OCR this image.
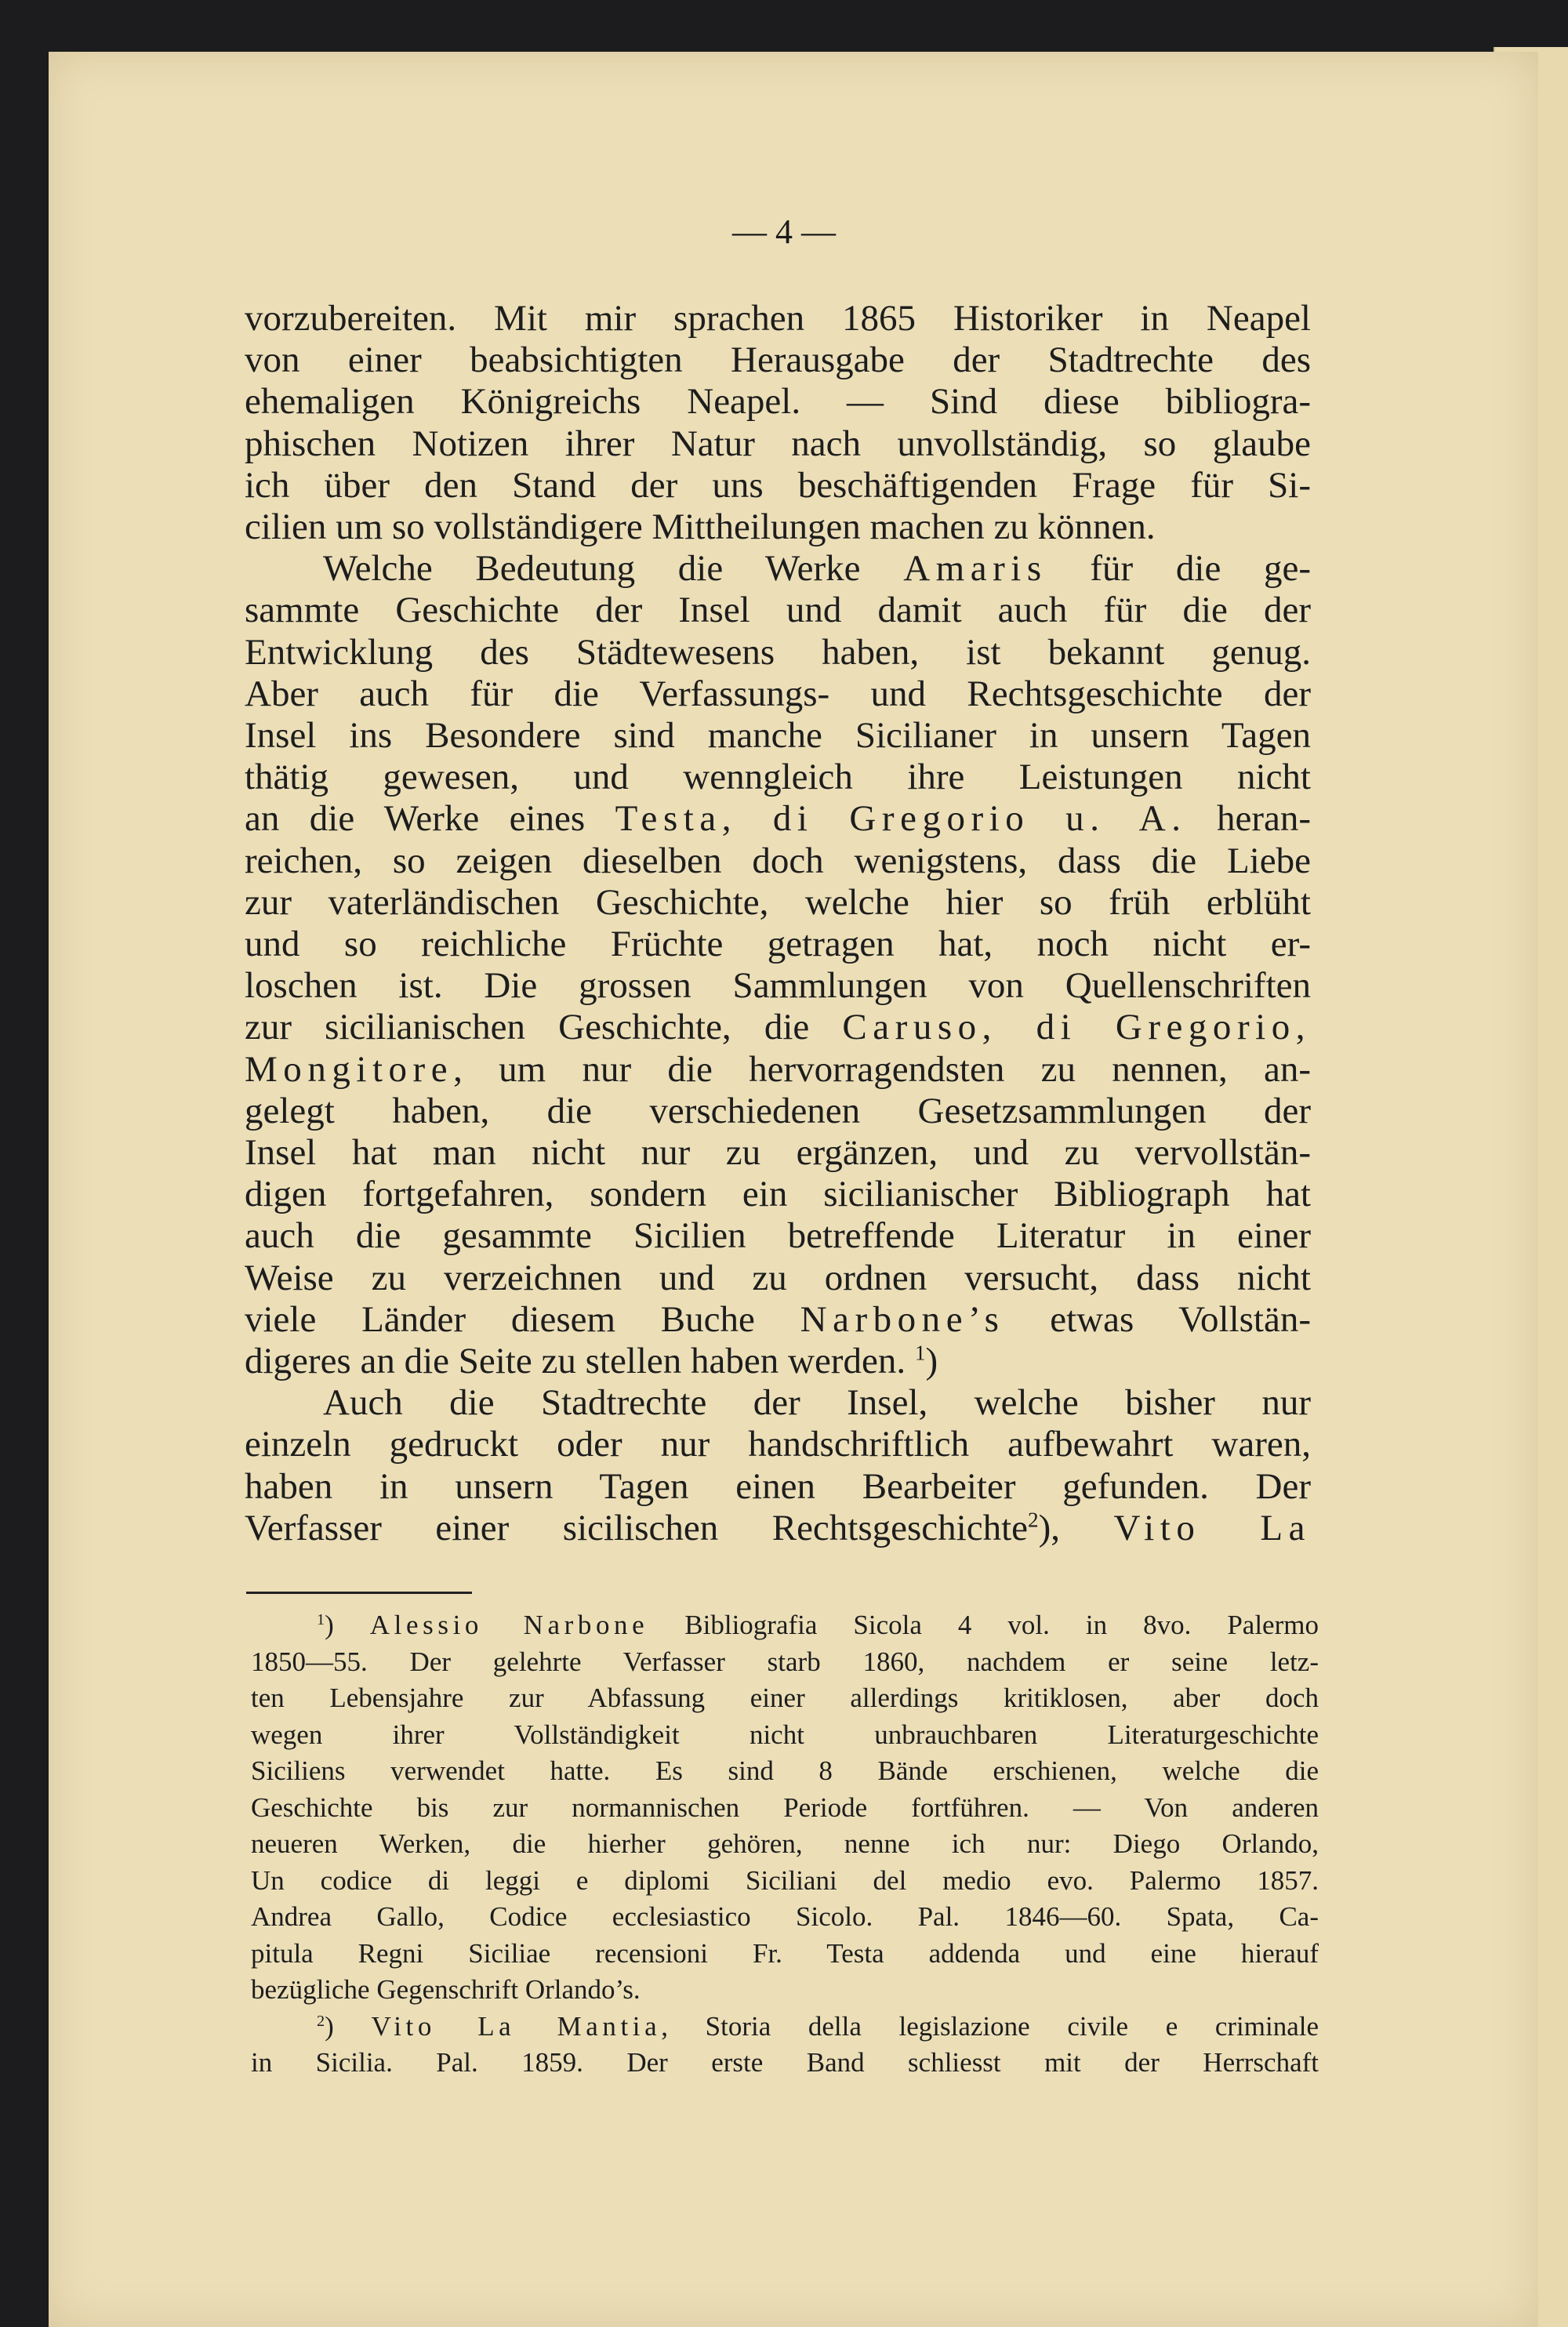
— 4 —
vorzubereiten. Mit mir sprachen 1865 Historiker in Neapel
von einer beabsichtigten Herausgabe der Stadtrechte des
ehemaligen Königreichs Neapel. — Sind diese bibliogra-
phischen Notizen ihrer Natur nach unvollständig, so glaube
ich über den Stand der uns beschäftigenden Frage für Si-
cilien um so vollständigere Mittheilungen machen zu können.
Welche Bedeutung die Werke Amaris für die ge-
sammte Geschichte der Insel und damit auch für die der
Entwicklung des Städtewesens haben, ist bekannt genug.
Aber auch für die Verfassungs- und Rechtsgeschichte der
Insel ins Besondere sind manche Sicilianer in unsern Tagen
thätig gewesen, und wenngleich ihre Leistungen nicht
an die Werke eines Testa, di Gregorio u. A. heran-
reichen, so zeigen dieselben doch wenigstens, dass die Liebe
zur vaterländischen Geschichte, welche hier so früh erblüht
und so reichliche Früchte getragen hat, noch nicht er-
loschen ist. Die grossen Sammlungen von Quellenschriften
zur sicilianischen Geschichte, die Caruso, di Gregorio,
Mongitore, um nur die hervorragendsten zu nennen, an-
gelegt haben, die verschiedenen Gesetzsammlungen der
Insel hat man nicht nur zu ergänzen, und zu vervollstän-
digen fortgefahren, sondern ein sicilianischer Bibliograph hat
auch die gesammte Sicilien betreffende Literatur in einer
Weise zu verzeichnen und zu ordnen versucht, dass nicht
viele Länder diesem Buche Narbone’s etwas Vollstän-
digeres an die Seite zu stellen haben werden. $^1$)
Auch die Stadtrechte der Insel, welche bisher nur
einzeln gedruckt oder nur handschriftlich aufbewahrt waren,
haben in unsern Tagen einen Bearbeiter gefunden. Der
Verfasser einer sicilischen Rechtsgeschichte$^2$), Vito La
$^1$) Alessio Narbone Bibliografia Sicola 4 vol. in 8vo. Palermo
1850—55. Der gelehrte Verfasser starb 1860, nachdem er seine letz-
ten Lebensjahre zur Abfassung einer allerdings kritiklosen, aber doch
wegen ihrer Vollständigkeit nicht unbrauchbaren Literaturgeschichte
Siciliens verwendet hatte. Es sind 8 Bände erschienen, welche die
Geschichte bis zur normannischen Periode fortführen. — Von anderen
neueren Werken, die hierher gehören, nenne ich nur: Diego Orlando,
Un codice di leggi e diplomi Siciliani del medio evo. Palermo 1857.
Andrea Gallo, Codice ecclesiastico Sicolo. Pal. 1846—60. Spata, Ca-
pitula Regni Siciliae recensioni Fr. Testa addenda und eine hierauf
bezügliche Gegenschrift Orlando’s.
$^2$) Vito La Mantia, Storia della legislazione civile e criminale
in Sicilia. Pal. 1859. Der erste Band schliesst mit der Herrschaft
